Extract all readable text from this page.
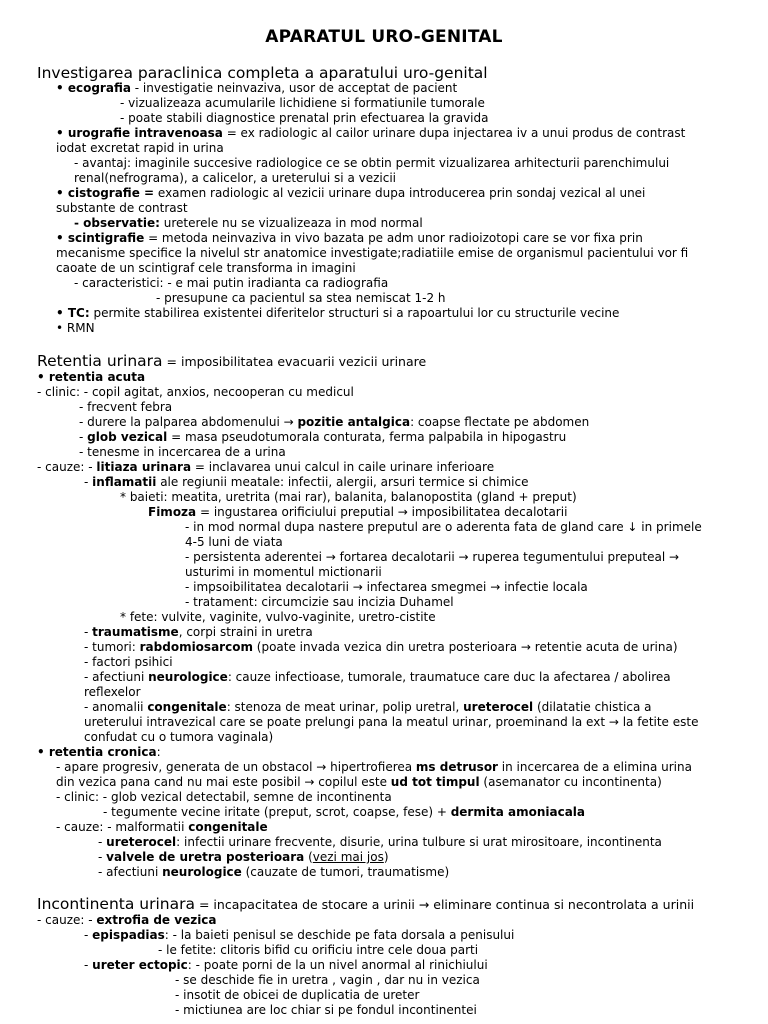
APARATUL URO-GENITAL
Investigarea paraclinica completa a aparatului uro-genital
• ecografia - investigatie neinvaziva, usor de acceptat de pacient
- vizualizeaza acumularile lichidiene si formatiunile tumorale
- poate stabili diagnostice prenatal prin efectuarea la gravida
• urografie intravenoasa = ex radiologic al cailor urinare dupa injectarea iv a unui produs de contrast
iodat excretat rapid in urina
- avantaj: imaginile succesive radiologice ce se obtin permit vizualizarea arhitecturii parenchimului
renal(nefrograma), a calicelor, a ureterului si a vezicii
• cistografie = examen radiologic al vezicii urinare dupa introducerea prin sondaj vezical al unei
substante de contrast
- observatie: ureterele nu se vizualizeaza in mod normal
• scintigrafie = metoda neinvaziva in vivo bazata pe adm unor radioizotopi care se vor fixa prin
mecanisme specifice la nivelul str anatomice investigate;radiatiile emise de organismul pacientului vor fi
caoate de un scintigraf cele transforma in imagini
- caracteristici: - e mai putin iradianta ca radiografia
- presupune ca pacientul sa stea nemiscat 1-2 h
• TC: permite stabilirea existentei diferitelor structuri si a rapoartului lor cu structurile vecine
• RMN
Retentia urinara = imposibilitatea evacuarii vezicii urinare
• retentia acuta
- clinic: - copil agitat, anxios, necooperan cu medicul
- frecvent febra
- durere la palparea abdomenului → pozitie antalgica: coapse flectate pe abdomen
- glob vezical = masa pseudotumorala conturata, ferma palpabila in hipogastru
- tenesme in incercarea de a urina
- cauze: - litiaza urinara = inclavarea unui calcul in caile urinare inferioare
- inflamatii ale regiunii meatale: infectii, alergii, arsuri termice si chimice
* baieti: meatita, uretrita (mai rar), balanita, balanopostita (gland + preput)
Fimoza = ingustarea orificiului preputial → imposibilitatea decalotarii
- in mod normal dupa nastere preputul are o aderenta fata de gland care ↓ in primele
4-5 luni de viata
- persistenta aderentei → fortarea decalotarii → ruperea tegumentului preputeal →
usturimi in momentul mictionarii
- impsoibilitatea decalotarii → infectarea smegmei → infectie locala
- tratament: circumcizie sau incizia Duhamel
* fete: vulvite, vaginite, vulvo-vaginite, uretro-cistite
- traumatisme, corpi straini in uretra
- tumori: rabdomiosarcom (poate invada vezica din uretra posterioara → retentie acuta de urina)
- factori psihici
- afectiuni neurologice: cauze infectioase, tumorale, traumatuce care duc la afectarea / abolirea
reflexelor
- anomalii congenitale: stenoza de meat urinar, polip uretral, ureterocel (dilatatie chistica a
ureterului intravezical care se poate prelungi pana la meatul urinar, proeminand la ext → la fetite este
confudat cu o tumora vaginala)
• retentia cronica:
- apare progresiv, generata de un obstacol → hipertrofierea ms detrusor in incercarea de a elimina urina
din vezica pana cand nu mai este posibil → copilul este ud tot timpul (asemanator cu incontinenta)
- clinic: - glob vezical detectabil, semne de incontinenta
- tegumente vecine iritate (preput, scrot, coapse, fese) + dermita amoniacala
- cauze: - malformatii congenitale
- ureterocel: infectii urinare frecvente, disurie, urina tulbure si urat mirositoare, incontinenta
- valvele de uretra posterioara (vezi mai jos)
- afectiuni neurologice (cauzate de tumori, traumatisme)
Incontinenta urinara = incapacitatea de stocare a urinii → eliminare continua si necontrolata a urinii
- cauze: - extrofia de vezica
- epispadias: - la baieti penisul se deschide pe fata dorsala a penisului
- le fetite: clitoris bifid cu orificiu intre cele doua parti
- ureter ectopic: - poate porni de la un nivel anormal al rinichiului
- se deschide fie in uretra , vagin , dar nu in vezica
- insotit de obicei de duplicatia de ureter
- mictiunea are loc chiar si pe fondul incontinentei
